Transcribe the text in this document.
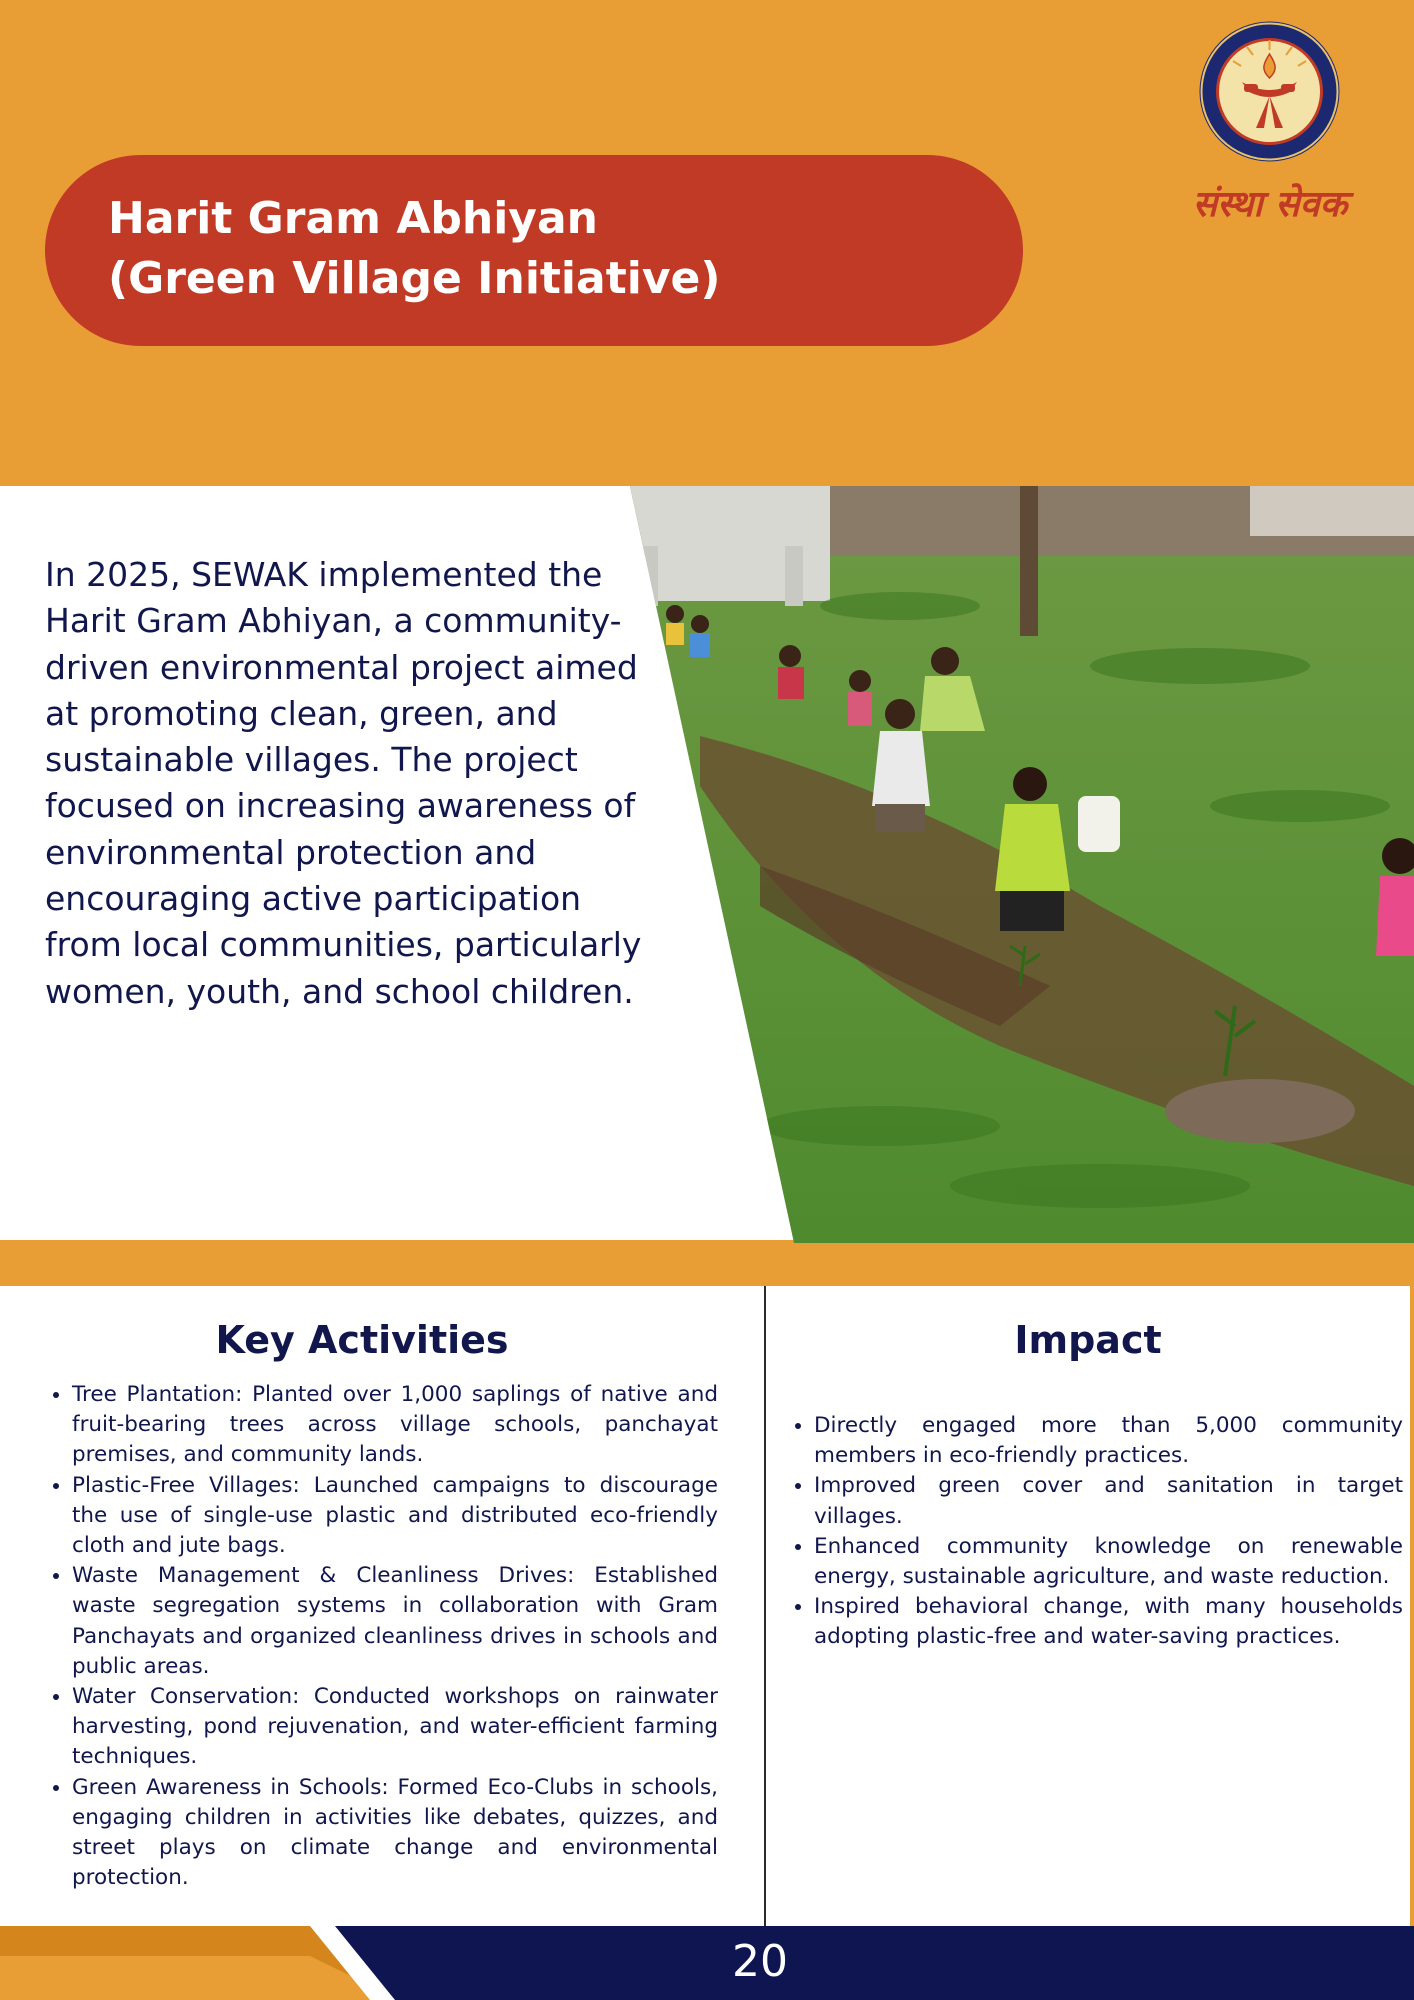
Harit Gram Abhiyan
(Green Village Initiative)
संस्था सेवक
In 2025, SEWAK implemented the Harit Gram Abhiyan, a community-driven environmental project aimed at promoting clean, green, and sustainable villages. The project focused on increasing awareness of environmental protection and encouraging active participation from local communities, particularly women, youth, and school children.
Key Activities
• Tree Plantation: Planted over 1,000 saplings of native and fruit-bearing trees across village schools, panchayat premises, and community lands.
• Plastic-Free Villages: Launched campaigns to discourage the use of single-use plastic and distributed eco-friendly cloth and jute bags.
• Waste Management & Cleanliness Drives: Established waste segregation systems in collaboration with Gram Panchayats and organized cleanliness drives in schools and public areas.
• Water Conservation: Conducted workshops on rainwater harvesting, pond rejuvenation, and water-efficient farming techniques.
• Green Awareness in Schools: Formed Eco-Clubs in schools, engaging children in activities like debates, quizzes, and street plays on climate change and environmental protection.
Impact
• Directly engaged more than 5,000 community members in eco-friendly practices.
• Improved green cover and sanitation in target villages.
• Enhanced community knowledge on renewable energy, sustainable agriculture, and waste reduction.
• Inspired behavioral change, with many households adopting plastic-free and water-saving practices.
20
